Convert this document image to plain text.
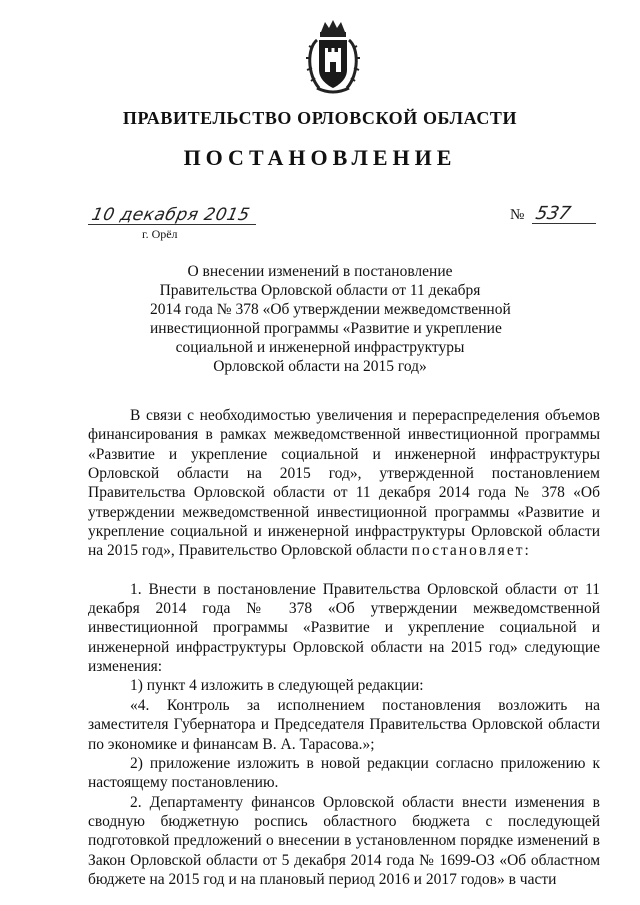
ПРАВИТЕЛЬСТВО ОРЛОВСКОЙ ОБЛАСТИ
ПОСТАНОВЛЕНИЕ
10 декабря 2015
г. Орёл
№ 537
О внесении изменений в постановление
Правительства Орловской области от 11 декабря
2014 года № 378 «Об утверждении межведомственной
инвестиционной программы «Развитие и укрепление
социальной и инженерной инфраструктуры
Орловской области на 2015 год»

В связи с необходимостью увеличения и перераспределения объемов финансирования в рамках межведомственной инвестиционной программы «Развитие и укрепление социальной и инженерной инфраструктуры Орловской области на 2015 год», утвержденной постановлением Правительства Орловской области от 11 декабря 2014 года № 378 «Об утверждении межведомственной инвестиционной программы «Развитие и укрепление социальной и инженерной инфраструктуры Орловской области на 2015 год», Правительство Орловской области постановляет:

1. Внести в постановление Правительства Орловской области от 11 декабря 2014 года № 378 «Об утверждении межведомственной инвестиционной программы «Развитие и укрепление социальной и инженерной инфраструктуры Орловской области на 2015 год» следующие изменения:

1) пункт 4 изложить в следующей редакции:

«4. Контроль за исполнением постановления возложить на заместителя Губернатора и Председателя Правительства Орловской области по экономике и финансам В. А. Тарасова.»;

2) приложение изложить в новой редакции согласно приложению к настоящему постановлению.

2. Департаменту финансов Орловской области внести изменения в сводную бюджетную роспись областного бюджета с последующей подготовкой предложений о внесении в установленном порядке изменений в Закон Орловской области от 5 декабря 2014 года № 1699-ОЗ «Об областном бюджете на 2015 год и на плановый период 2016 и 2017 годов» в части
